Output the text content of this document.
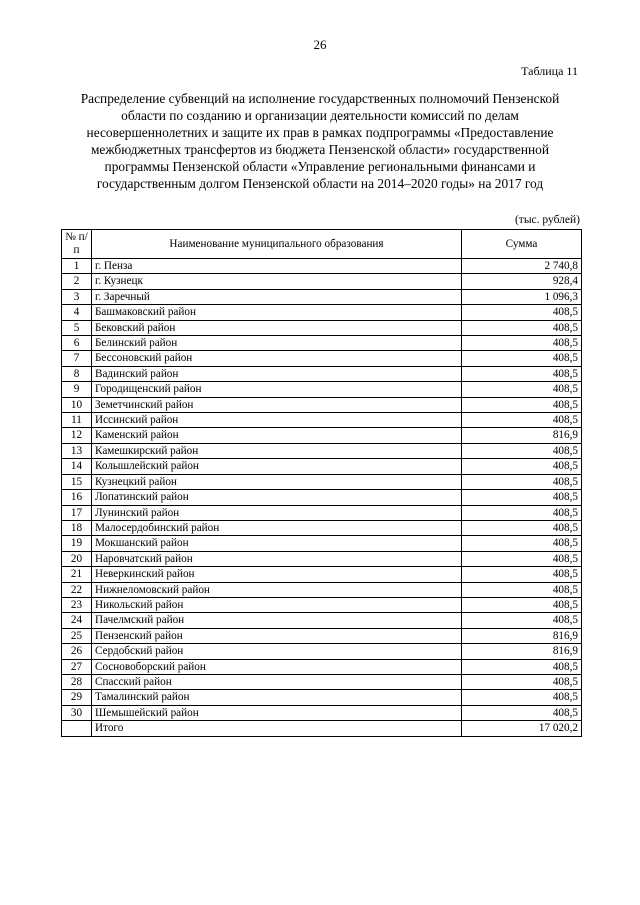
26
Таблица 11
Распределение субвенций на исполнение государственных полномочий Пензенской области по созданию и организации деятельности комиссий по делам несовершеннолетних и защите их прав в рамках подпрограммы «Предоставление межбюджетных трансфертов из бюджета Пензенской области» государственной программы Пензенской области «Управление региональными финансами и государственным долгом Пензенской области на 2014–2020 годы» на 2017 год
(тыс. рублей)
№ п/п	Наименование муниципального образования	Сумма
1	г. Пенза	2 740,8
2	г. Кузнецк	928,4
3	г. Заречный	1 096,3
4	Башмаковский район	408,5
5	Бековский район	408,5
6	Белинский район	408,5
7	Бессоновский район	408,5
8	Вадинский район	408,5
9	Городищенский район	408,5
10	Земетчинский район	408,5
11	Иссинский район	408,5
12	Каменский район	816,9
13	Камешкирский район	408,5
14	Колышлейский район	408,5
15	Кузнецкий район	408,5
16	Лопатинский район	408,5
17	Лунинский район	408,5
18	Малосердобинский район	408,5
19	Мокшанский район	408,5
20	Наровчатский район	408,5
21	Неверкинский район	408,5
22	Нижнеломовский район	408,5
23	Никольский район	408,5
24	Пачелмский район	408,5
25	Пензенский район	816,9
26	Сердобский район	816,9
27	Сосновоборский район	408,5
28	Спасский район	408,5
29	Тамалинский район	408,5
30	Шемышейский район	408,5
	Итого	17 020,2
